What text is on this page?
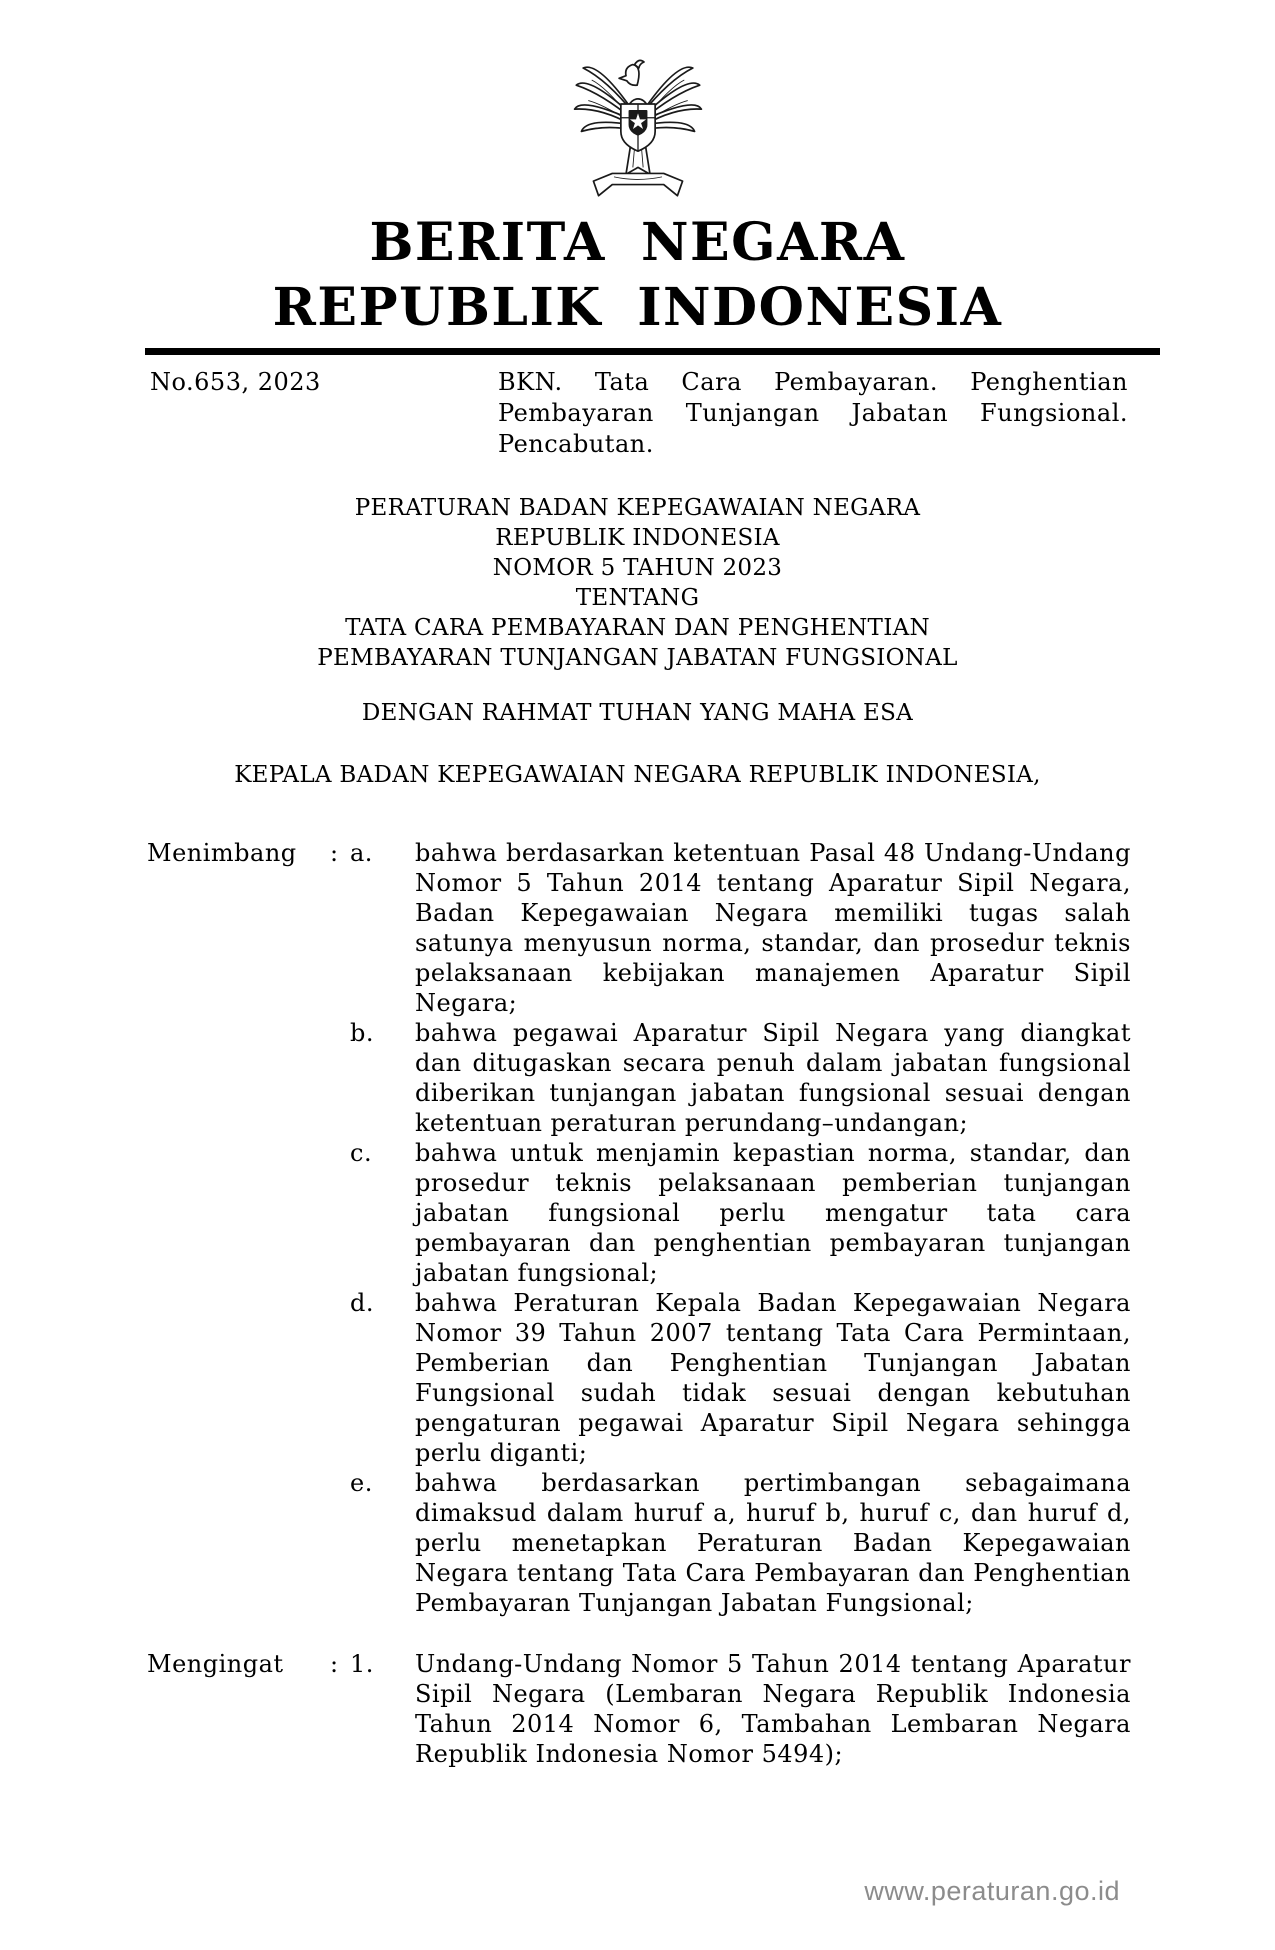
BERITA NEGARA
REPUBLIK INDONESIA
No.653, 2023	BKN. Tata Cara Pembayaran. Penghentian Pembayaran Tunjangan Jabatan Fungsional. Pencabutan.
PERATURAN BADAN KEPEGAWAIAN NEGARA
REPUBLIK INDONESIA
NOMOR 5 TAHUN 2023
TENTANG
TATA CARA PEMBAYARAN DAN PENGHENTIAN
PEMBAYARAN TUNJANGAN JABATAN FUNGSIONAL
DENGAN RAHMAT TUHAN YANG MAHA ESA
KEPALA BADAN KEPEGAWAIAN NEGARA REPUBLIK INDONESIA,
Menimbang	: a.	bahwa berdasarkan ketentuan Pasal 48 Undang-Undang Nomor 5 Tahun 2014 tentang Aparatur Sipil Negara, Badan Kepegawaian Negara memiliki tugas salah satunya menyusun norma, standar, dan prosedur teknis pelaksanaan kebijakan manajemen Aparatur Sipil Negara;
b.	bahwa pegawai Aparatur Sipil Negara yang diangkat dan ditugaskan secara penuh dalam jabatan fungsional diberikan tunjangan jabatan fungsional sesuai dengan ketentuan peraturan perundang–undangan;
c.	bahwa untuk menjamin kepastian norma, standar, dan prosedur teknis pelaksanaan pemberian tunjangan jabatan fungsional perlu mengatur tata cara pembayaran dan penghentian pembayaran tunjangan jabatan fungsional;
d.	bahwa Peraturan Kepala Badan Kepegawaian Negara Nomor 39 Tahun 2007 tentang Tata Cara Permintaan, Pemberian dan Penghentian Tunjangan Jabatan Fungsional sudah tidak sesuai dengan kebutuhan pengaturan pegawai Aparatur Sipil Negara sehingga perlu diganti;
e.	bahwa berdasarkan pertimbangan sebagaimana dimaksud dalam huruf a, huruf b, huruf c, dan huruf d, perlu menetapkan Peraturan Badan Kepegawaian Negara tentang Tata Cara Pembayaran dan Penghentian Pembayaran Tunjangan Jabatan Fungsional;
Mengingat	: 1.	Undang-Undang Nomor 5 Tahun 2014 tentang Aparatur Sipil Negara (Lembaran Negara Republik Indonesia Tahun 2014 Nomor 6, Tambahan Lembaran Negara Republik Indonesia Nomor 5494);
www.peraturan.go.id
